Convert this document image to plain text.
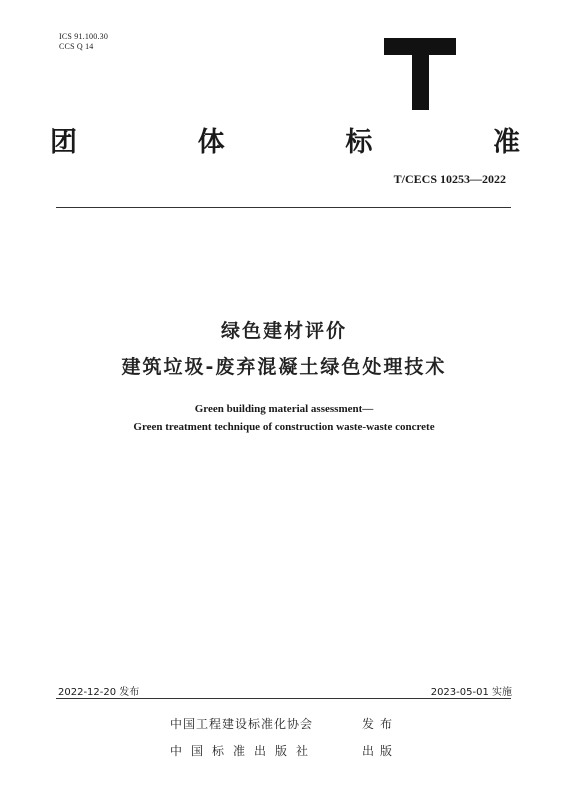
ICS 91.100.30
CCS Q 14
团	体	标	准
T/CECS 10253—2022
绿色建材评价
建筑垃圾-废弃混凝土绿色处理技术
Green building material assessment—
Green treatment technique of construction waste-waste concrete
2022-12-20 发布	2023-05-01 实施
中国工程建设标准化协会	发布
中国标准出版社	出版
